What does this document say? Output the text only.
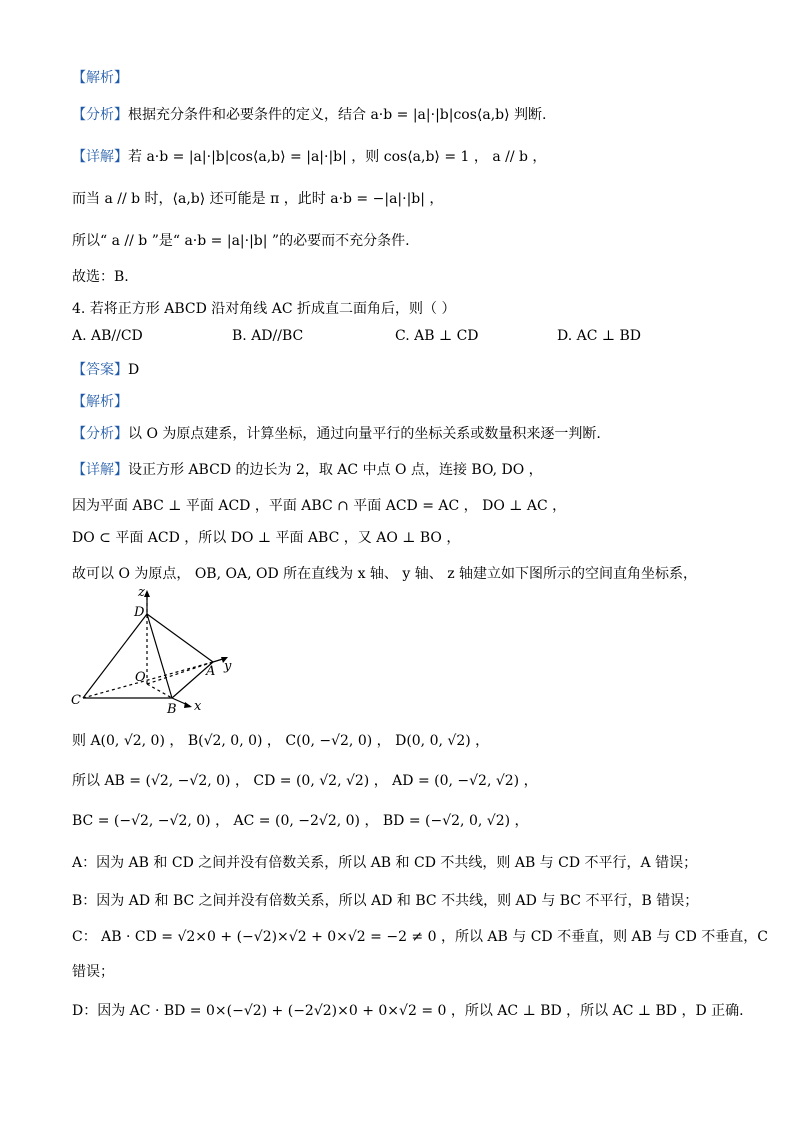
【解析】
【分析】根据充分条件和必要条件的定义，结合 a·b = |a|·|b|cos⟨a,b⟩ 判断.
【详解】若 a·b = |a|·|b|cos⟨a,b⟩ = |a|·|b| ，则 cos⟨a,b⟩ = 1 ， a // b ，
而当 a // b 时，⟨a,b⟩ 还可能是 π ，此时 a·b = −|a|·|b| ，
所以“ a // b ”是“ a·b = |a|·|b| ”的必要而不充分条件.
故选：B.
4. 若将正方形 ABCD 沿对角线 AC 折成直二面角后，则（ ）
A. AB//CD	B. AD//BC	C. AB ⊥ CD	D. AC ⊥ BD
【答案】D
【解析】
【分析】以 O 为原点建系，计算坐标，通过向量平行的坐标关系或数量积来逐一判断.
【详解】设正方形 ABCD 的边长为 2，取 AC 中点 O 点，连接 BO, DO ，
因为平面 ABC ⊥ 平面 ACD ，平面 ABC ∩ 平面 ACD = AC ， DO ⊥ AC ，
DO ⊂ 平面 ACD ，所以 DO ⊥ 平面 ABC ，又 AO ⊥ BO ，
故可以 O 为原点， OB, OA, OD 所在直线为 x 轴、 y 轴、 z 轴建立如下图所示的空间直角坐标系，
z
D
y
A
O
C
B x
则 A(0, √2, 0) ， B(√2, 0, 0) ， C(0, −√2, 0) ， D(0, 0, √2) ，
所以 AB = (√2, −√2, 0) ， CD = (0, √2, √2) ， AD = (0, −√2, √2) ，
BC = (−√2, −√2, 0) ， AC = (0, −2√2, 0) ， BD = (−√2, 0, √2) ，
A：因为 AB 和 CD 之间并没有倍数关系，所以 AB 和 CD 不共线，则 AB 与 CD 不平行，A 错误；
B：因为 AD 和 BC 之间并没有倍数关系，所以 AD 和 BC 不共线，则 AD 与 BC 不平行，B 错误；
C： AB · CD = √2×0 + (−√2)×√2 + 0×√2 = −2 ≠ 0 ，所以 AB 与 CD 不垂直，则 AB 与 CD 不垂直，C
错误；
D：因为 AC · BD = 0×(−√2) + (−2√2)×0 + 0×√2 = 0 ，所以 AC ⊥ BD ，所以 AC ⊥ BD ，D 正确.
